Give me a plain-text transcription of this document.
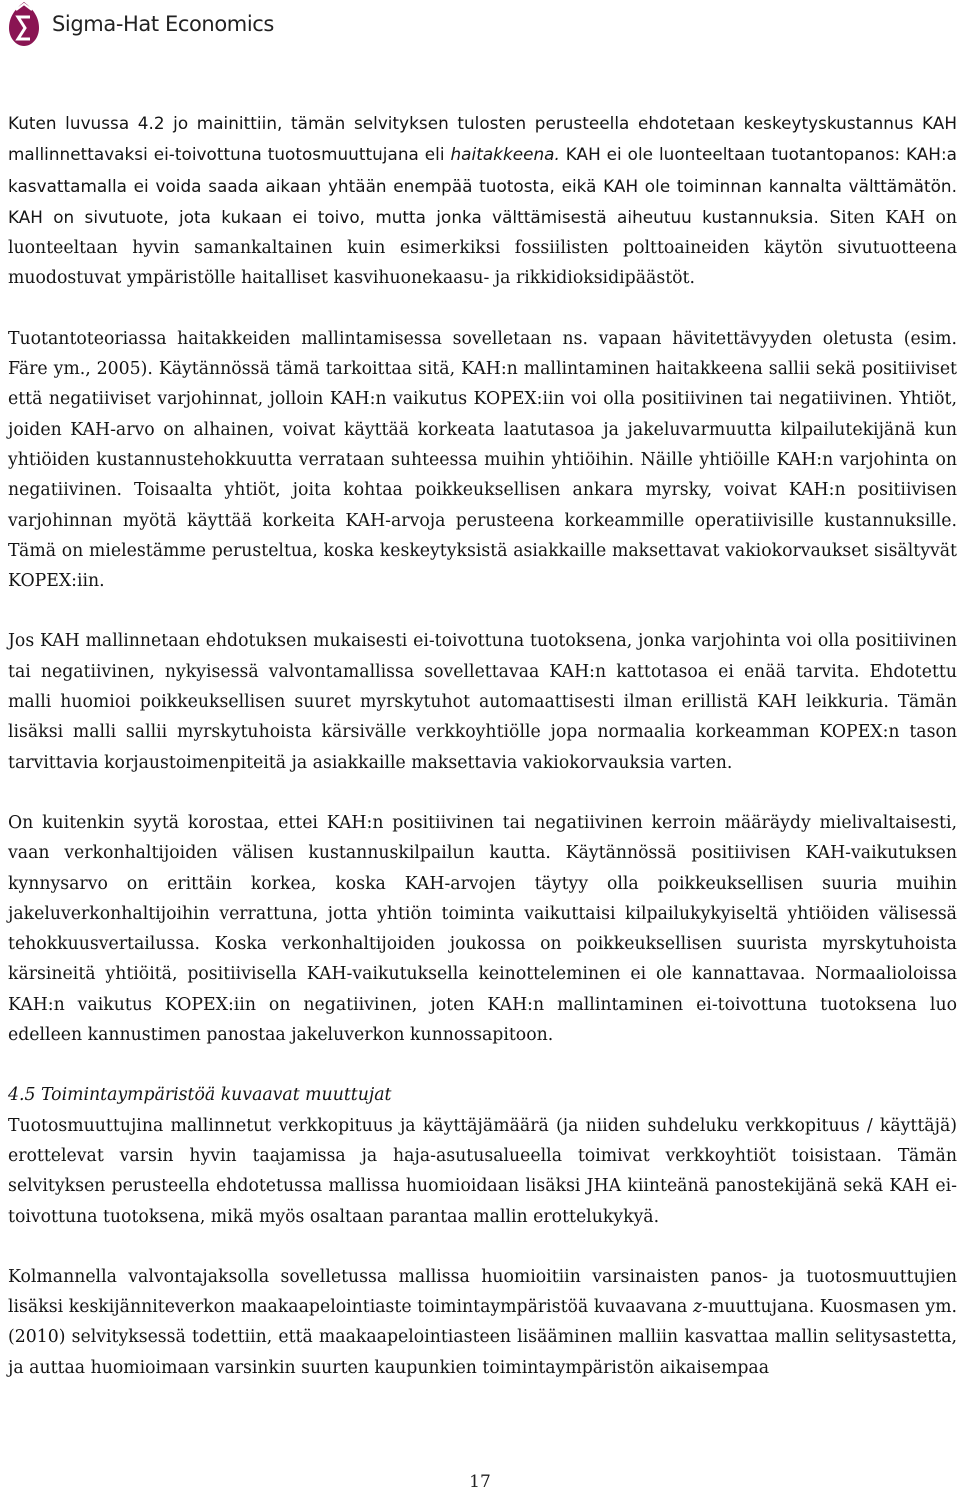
Sigma-Hat Economics

Kuten luvussa 4.2 jo mainittiin, tämän selvityksen tulosten perusteella ehdotetaan keskeytyskustannus KAH mallinnettavaksi ei-toivottuna tuotosmuuttujana eli haitakkeena. KAH ei ole luonteeltaan tuotantopanos: KAH:a kasvattamalla ei voida saada aikaan yhtään enempää tuotosta, eikä KAH ole toiminnan kannalta välttämätön. KAH on sivutuote, jota kukaan ei toivo, mutta jonka välttämisestä aiheutuu kustannuksia. Siten KAH on luonteeltaan hyvin samankaltainen kuin esimerkiksi fossiilisten polttoaineiden käytön sivutuotteena muodostuvat ympäristölle haitalliset kasvihuonekaasu- ja rikkidioksidipäästöt.

Tuotantoteoriassa haitakkeiden mallintamisessa sovelletaan ns. vapaan hävitettävyyden oletusta (esim. Färe ym., 2005). Käytännössä tämä tarkoittaa sitä, KAH:n mallintaminen haitakkeena sallii sekä positiiviset että negatiiviset varjohinnat, jolloin KAH:n vaikutus KOPEX:iin voi olla positiivinen tai negatiivinen. Yhtiöt, joiden KAH-arvo on alhainen, voivat käyttää korkeata laatutasoa ja jakeluvarmuutta kilpailutekijänä kun yhtiöiden kustannustehokkuutta verrataan suhteessa muihin yhtiöihin. Näille yhtiöille KAH:n varjohinta on negatiivinen. Toisaalta yhtiöt, joita kohtaa poikkeuksellisen ankara myrsky, voivat KAH:n positiivisen varjohinnan myötä käyttää korkeita KAH-arvoja perusteena korkeammille operatiivisille kustannuksille. Tämä on mielestämme perusteltua, koska keskeytyksistä asiakkaille maksettavat vakiokorvaukset sisältyvät KOPEX:iin.

Jos KAH mallinnetaan ehdotuksen mukaisesti ei-toivottuna tuotoksena, jonka varjohinta voi olla positiivinen tai negatiivinen, nykyisessä valvontamallissa sovellettavaa KAH:n kattotasoa ei enää tarvita. Ehdotettu malli huomioi poikkeuksellisen suuret myrskytuhot automaattisesti ilman erillistä KAH leikkuria. Tämän lisäksi malli sallii myrskytuhoista kärsivälle verkkoyhtiölle jopa normaalia korkeamman KOPEX:n tason tarvittavia korjaustoimenpiteitä ja asiakkaille maksettavia vakiokorvauksia varten.

On kuitenkin syytä korostaa, ettei KAH:n positiivinen tai negatiivinen kerroin määräydy mielivaltaisesti, vaan verkonhaltijoiden välisen kustannuskilpailun kautta. Käytännössä positiivisen KAH-vaikutuksen kynnysarvo on erittäin korkea, koska KAH-arvojen täytyy olla poikkeuksellisen suuria muihin jakeluverkonhaltijoihin verrattuna, jotta yhtiön toiminta vaikuttaisi kilpailukykyiseltä yhtiöiden välisessä tehokkuusvertailussa. Koska verkonhaltijoiden joukossa on poikkeuksellisen suurista myrskytuhoista kärsineitä yhtiöitä, positiivisella KAH-vaikutuksella keinotteleminen ei ole kannattavaa. Normaalioloissa KAH:n vaikutus KOPEX:iin on negatiivinen, joten KAH:n mallintaminen ei-toivottuna tuotoksena luo edelleen kannustimen panostaa jakeluverkon kunnossapitoon.

4.5 Toimintaympäristöä kuvaavat muuttujat

Tuotosmuuttujina mallinnetut verkkopituus ja käyttäjämäärä (ja niiden suhdeluku verkkopituus / käyttäjä) erottelevat varsin hyvin taajamissa ja haja-asutusalueella toimivat verkkoyhtiöt toisistaan. Tämän selvityksen perusteella ehdotetussa mallissa huomioidaan lisäksi JHA kiinteänä panostekijänä sekä KAH ei-toivottuna tuotoksena, mikä myös osaltaan parantaa mallin erottelukykyä.

Kolmannella valvontajaksolla sovelletussa mallissa huomioitiin varsinaisten panos- ja tuotosmuuttujien lisäksi keskijänniteverkon maakaapelointiaste toimintaympäristöä kuvaavana z-muuttujana. Kuosmasen ym. (2010) selvityksessä todettiin, että maakaapelointiasteen lisääminen malliin kasvattaa mallin selitysastetta, ja auttaa huomioimaan varsinkin suurten kaupunkien toimintaympäristön aikaisempaa

17
